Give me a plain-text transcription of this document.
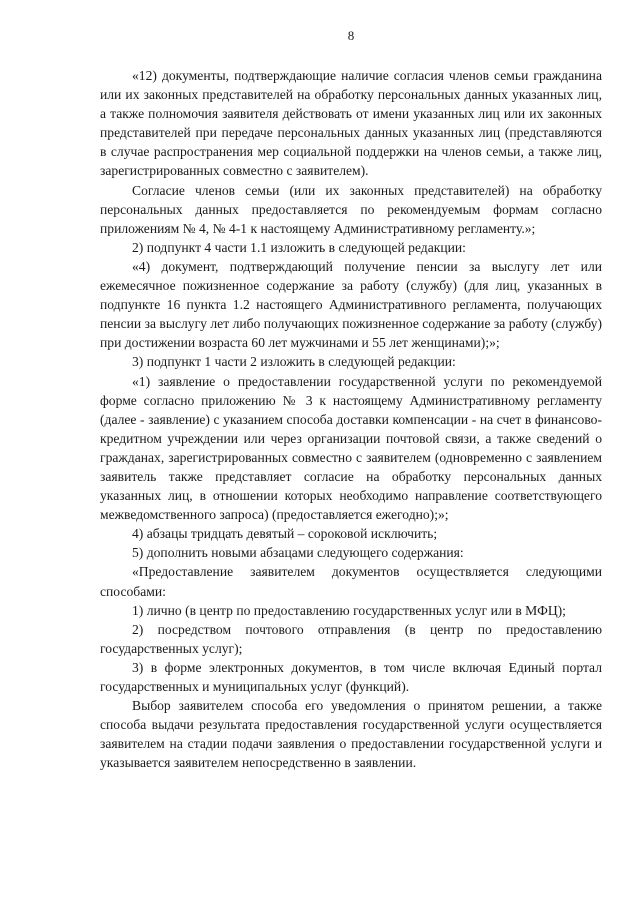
8

«12) документы, подтверждающие наличие согласия членов семьи гражданина или их законных представителей на обработку персональных данных указанных лиц, а также полномочия заявителя действовать от имени указанных лиц или их законных представителей при передаче персональных данных указанных лиц (представляются в случае распространения мер социальной поддержки на членов семьи, а также лиц, зарегистрированных совместно с заявителем).

Согласие членов семьи (или их законных представителей) на обработку персональных данных предоставляется по рекомендуемым формам согласно приложениям № 4, № 4-1 к настоящему Административному регламенту.»;

2) подпункт 4 части 1.1 изложить в следующей редакции:

«4) документ, подтверждающий получение пенсии за выслугу лет или ежемесячное пожизненное содержание за работу (службу) (для лиц, указанных в подпункте 16 пункта 1.2 настоящего Административного регламента, получающих пенсии за выслугу лет либо получающих пожизненное содержание за работу (службу) при достижении возраста 60 лет мужчинами и 55 лет женщинами);»;

3) подпункт 1 части 2 изложить в следующей редакции:

«1) заявление о предоставлении государственной услуги по рекомендуемой форме согласно приложению № 3 к настоящему Административному регламенту (далее - заявление) с указанием способа доставки компенсации - на счет в финансово-кредитном учреждении или через организации почтовой связи, а также сведений о гражданах, зарегистрированных совместно с заявителем (одновременно с заявлением заявитель также представляет согласие на обработку персональных данных указанных лиц, в отношении которых необходимо направление соответствующего межведомственного запроса) (предоставляется ежегодно);»;

4) абзацы тридцать девятый – сороковой исключить;

5) дополнить новыми абзацами следующего содержания:

«Предоставление заявителем документов осуществляется следующими способами:

1) лично (в центр по предоставлению государственных услуг или в МФЦ);

2) посредством почтового отправления (в центр по предоставлению государственных услуг);

3) в форме электронных документов, в том числе включая Единый портал государственных и муниципальных услуг (функций).

Выбор заявителем способа его уведомления о принятом решении, а также способа выдачи результата предоставления государственной услуги осуществляется заявителем на стадии подачи заявления о предоставлении государственной услуги и указывается заявителем непосредственно в заявлении.
